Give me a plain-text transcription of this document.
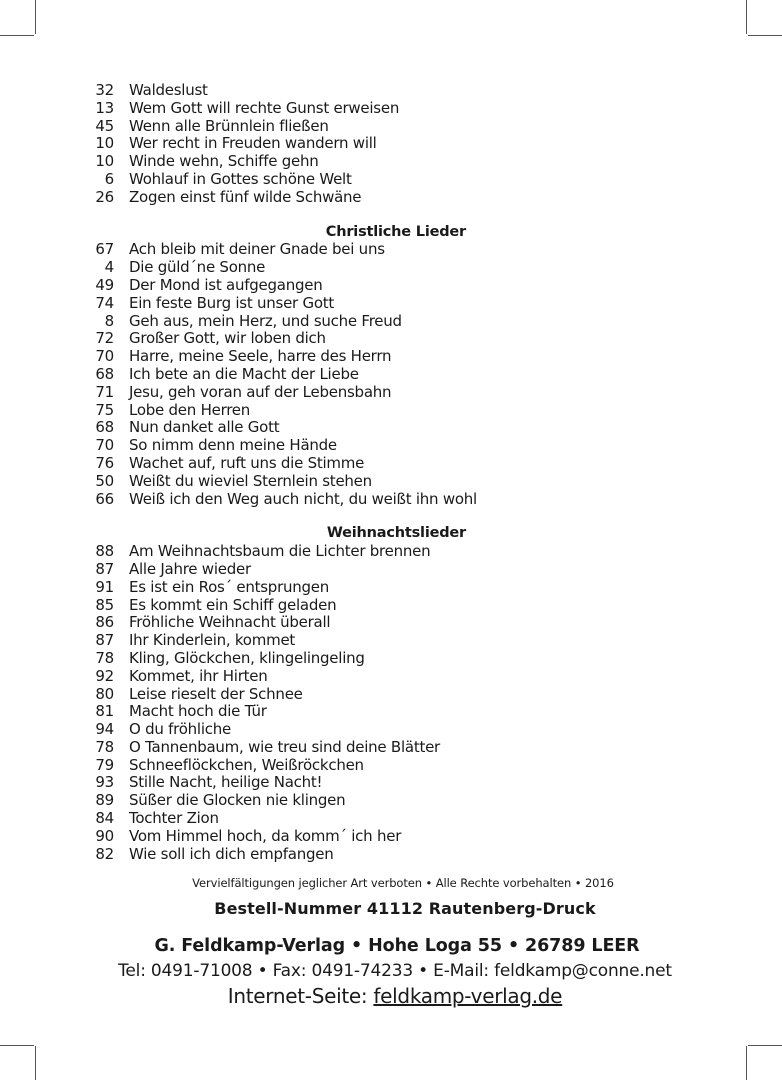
32 Waldeslust
13 Wem Gott will rechte Gunst erweisen
45 Wenn alle Brünnlein fließen
10 Wer recht in Freuden wandern will
10 Winde wehn, Schiffe gehn
6 Wohlauf in Gottes schöne Welt
26 Zogen einst fünf wilde Schwäne
Christliche Lieder
67 Ach bleib mit deiner Gnade bei uns
4 Die güld´ne Sonne
49 Der Mond ist aufgegangen
74 Ein feste Burg ist unser Gott
8 Geh aus, mein Herz, und suche Freud
72 Großer Gott, wir loben dich
70 Harre, meine Seele, harre des Herrn
68 Ich bete an die Macht der Liebe
71 Jesu, geh voran auf der Lebensbahn
75 Lobe den Herren
68 Nun danket alle Gott
70 So nimm denn meine Hände
76 Wachet auf, ruft uns die Stimme
50 Weißt du wieviel Sternlein stehen
66 Weiß ich den Weg auch nicht, du weißt ihn wohl
Weihnachtslieder
88 Am Weihnachtsbaum die Lichter brennen
87 Alle Jahre wieder
91 Es ist ein Ros´ entsprungen
85 Es kommt ein Schiff geladen
86 Fröhliche Weihnacht überall
87 Ihr Kinderlein, kommet
78 Kling, Glöckchen, klingelingeling
92 Kommet, ihr Hirten
80 Leise rieselt der Schnee
81 Macht hoch die Tür
94 O du fröhliche
78 O Tannenbaum, wie treu sind deine Blätter
79 Schneeflöckchen, Weißröckchen
93 Stille Nacht, heilige Nacht!
89 Süßer die Glocken nie klingen
84 Tochter Zion
90 Vom Himmel hoch, da komm´ ich her
82 Wie soll ich dich empfangen
Vervielfältigungen jeglicher Art verboten • Alle Rechte vorbehalten • 2016
Bestell-Nummer 41112 Rautenberg-Druck
G. Feldkamp-Verlag • Hohe Loga 55 • 26789 LEER
Tel: 0491-71008 • Fax: 0491-74233 • E-Mail: feldkamp@conne.net
Internet-Seite: feldkamp-verlag.de
